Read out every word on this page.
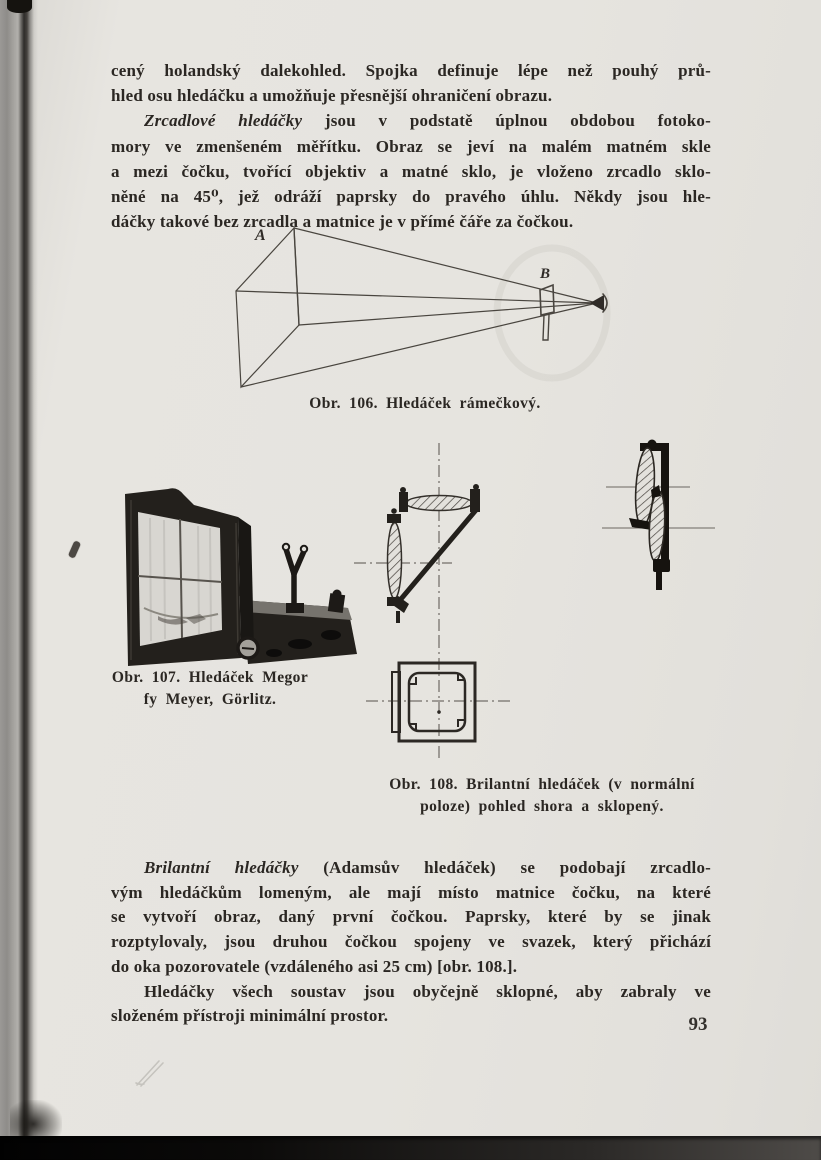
cený holandský dalekohled. Spojka definuje lépe než pouhý prů-
hled osu hledáčku a umožňuje přesnější ohraničení obrazu.
Zrcadlové hledáčky jsou v podstatě úplnou obdobou fotoko-
mory ve zmenšeném měřítku. Obraz se jeví na malém matném skle
a mezi čočku, tvořící objektiv a matné sklo, je vloženo zrcadlo sklo-
něné na 45⁰, jež odráží paprsky do pravého úhlu. Někdy jsou hle-
dáčky takové bez zrcadla a matnice je v přímé čáře za čočkou.
A
B
Obr. 106. Hledáček rámečkový.
Obr. 107. Hledáček Megor
fy Meyer, Görlitz.
Obr. 108. Brilantní hledáček (v normální
poloze) pohled shora a sklopený.
Brilantní hledáčky (Adamsův hledáček) se podobají zrcadlo-
vým hledáčkům lomeným, ale mají místo matnice čočku, na které
se vytvoří obraz, daný první čočkou. Paprsky, které by se jinak
rozptylovaly, jsou druhou čočkou spojeny ve svazek, který přichází
do oka pozorovatele (vzdáleného asi 25 cm) [obr. 108.].
Hledáčky všech soustav jsou obyčejně sklopné, aby zabraly ve
složeném přístroji minimální prostor.	93
